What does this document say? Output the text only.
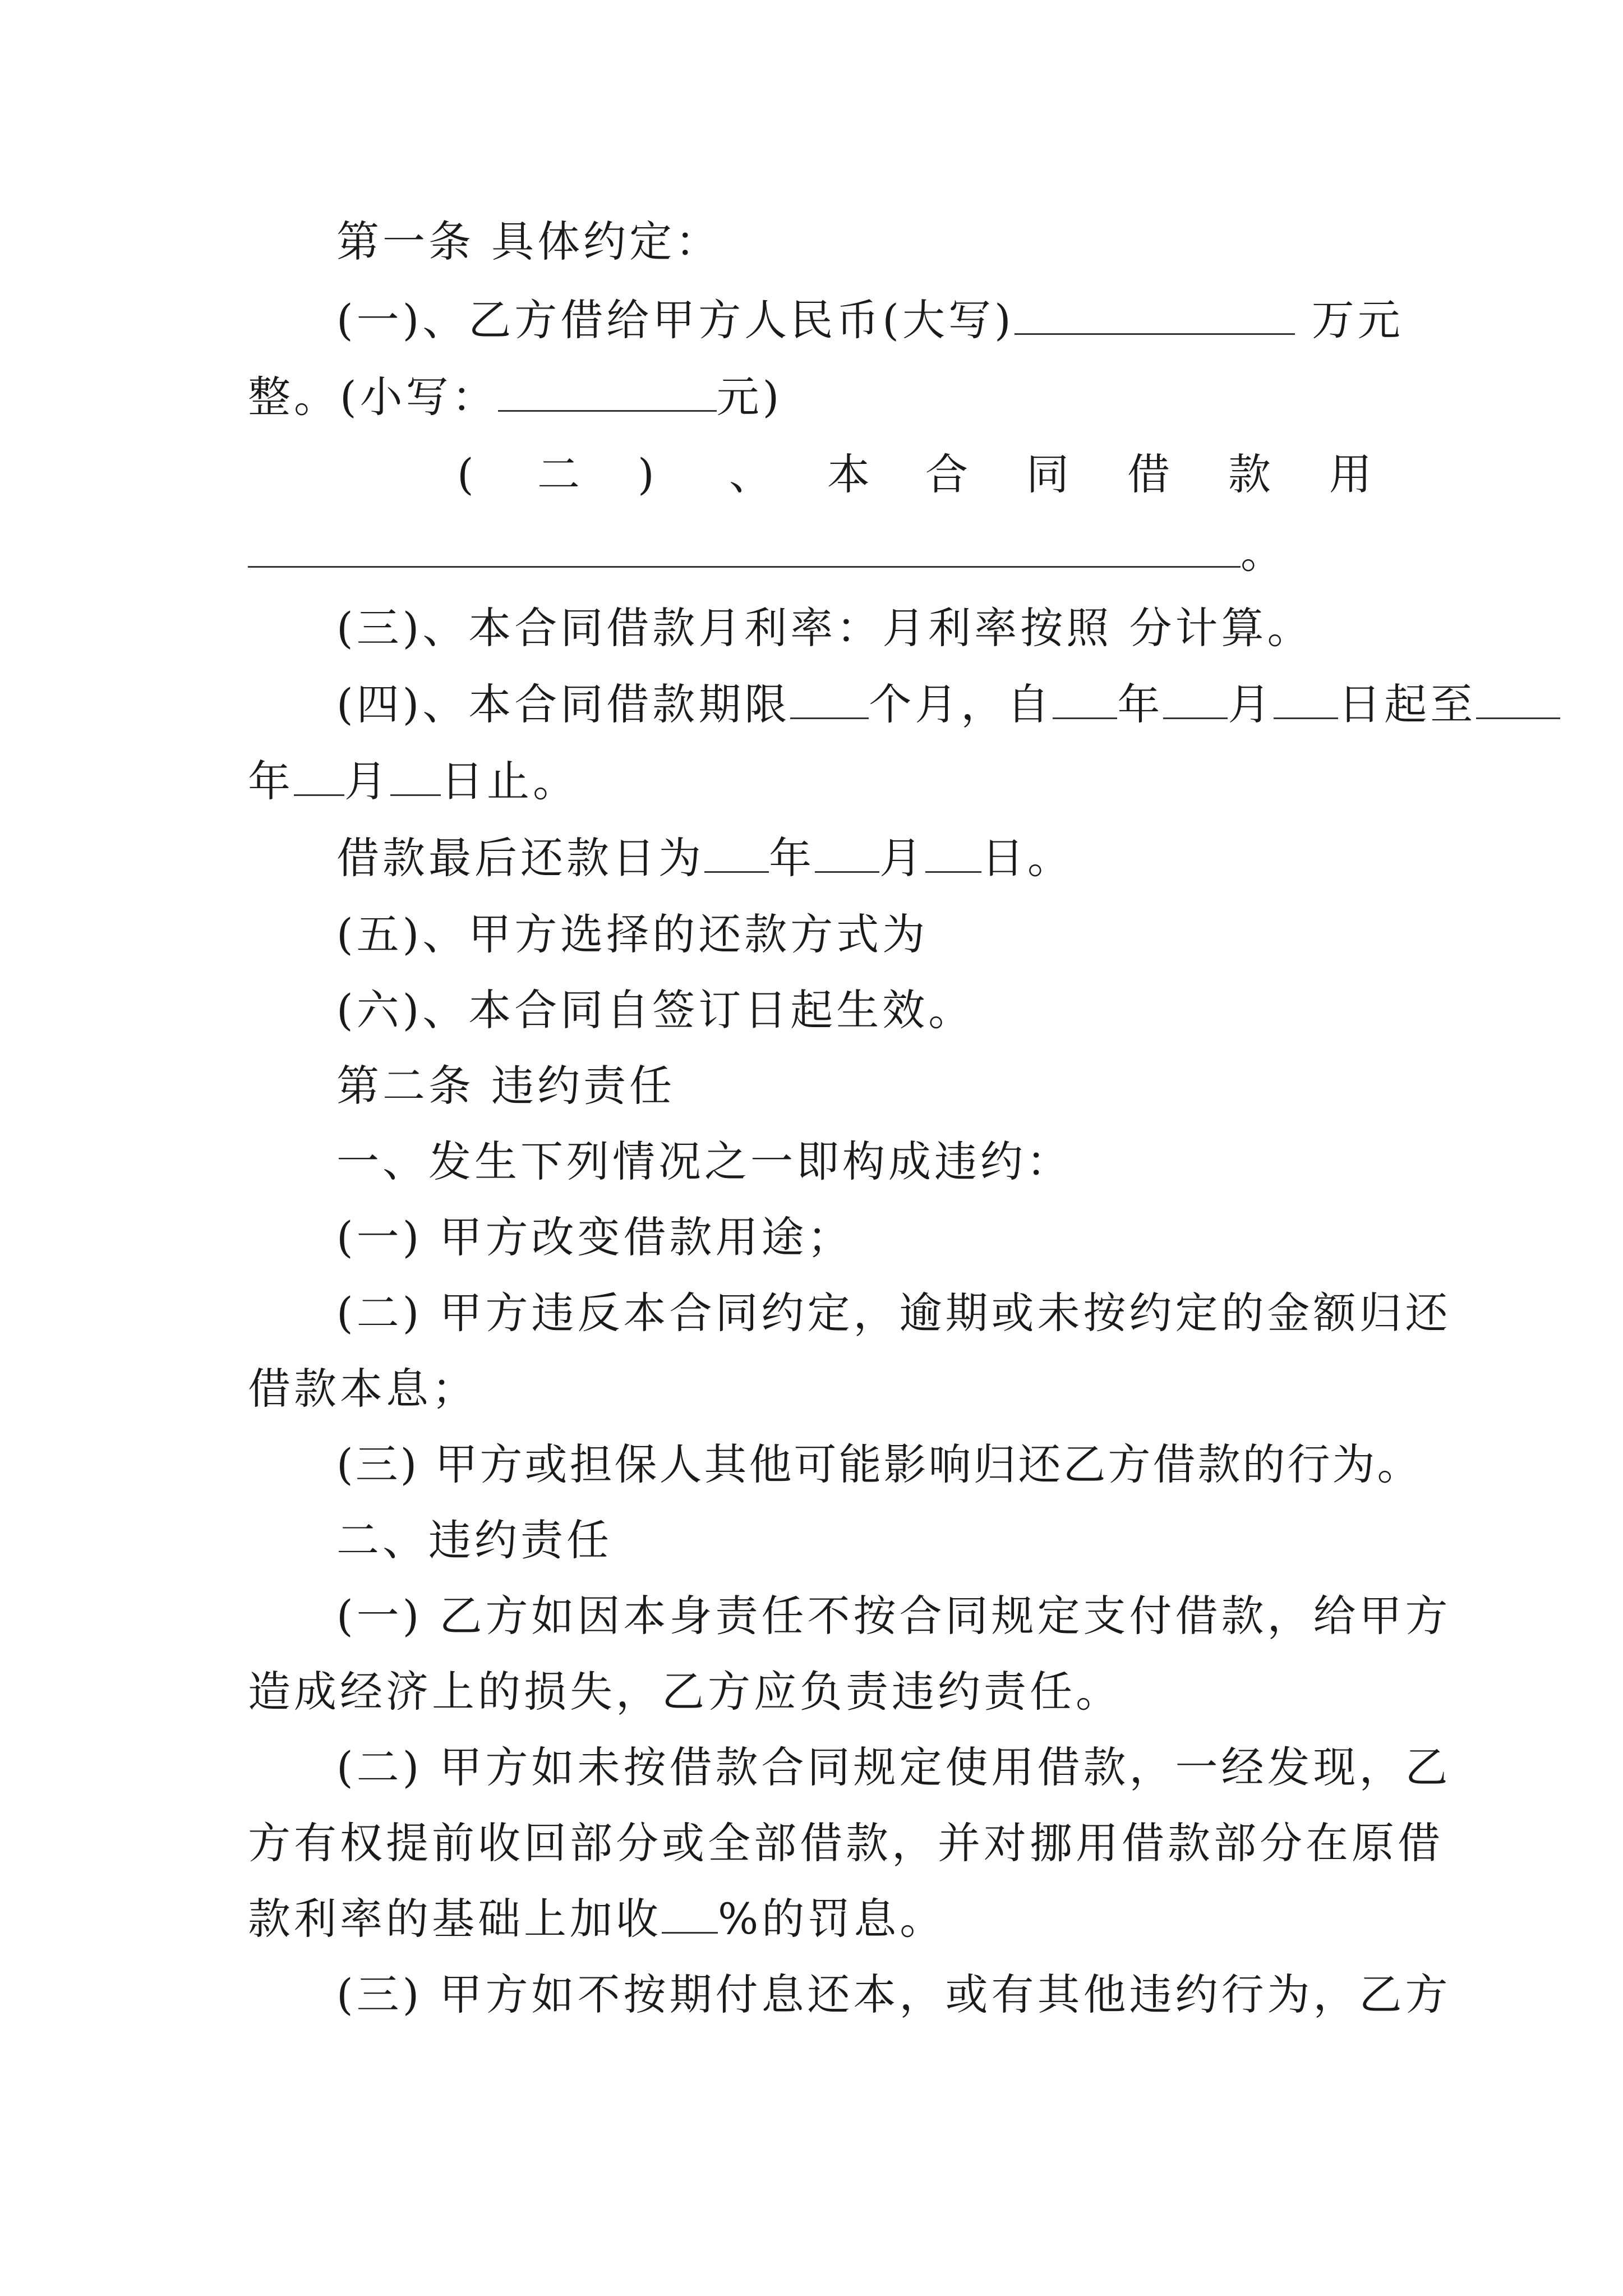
第一条 具体约定：
(一)、乙方借给甲方人民币(大写)	万元
整。(小写：	元)
( 二 ) 、 本 合 同 借 款 用
。
(三)、本合同借款月利率：月利率按照 分计算。
(四)、本合同借款期限 个月，自 年 月 日起至
年 月 日止。
借款最后还款日为 年 月 日。
(五)、甲方选择的还款方式为
(六)、本合同自签订日起生效。
第二条 违约责任
一、发生下列情况之一即构成违约：
(一) 甲方改变借款用途；
(二) 甲方违反本合同约定，逾期或未按约定的金额归还
借款本息；
(三) 甲方或担保人其他可能影响归还乙方借款的行为。
二、违约责任
(一) 乙方如因本身责任不按合同规定支付借款，给甲方
造成经济上的损失，乙方应负责违约责任。
(二) 甲方如未按借款合同规定使用借款，一经发现，乙
方有权提前收回部分或全部借款，并对挪用借款部分在原借
款利率的基础上加收 %的罚息。
(三) 甲方如不按期付息还本，或有其他违约行为，乙方
